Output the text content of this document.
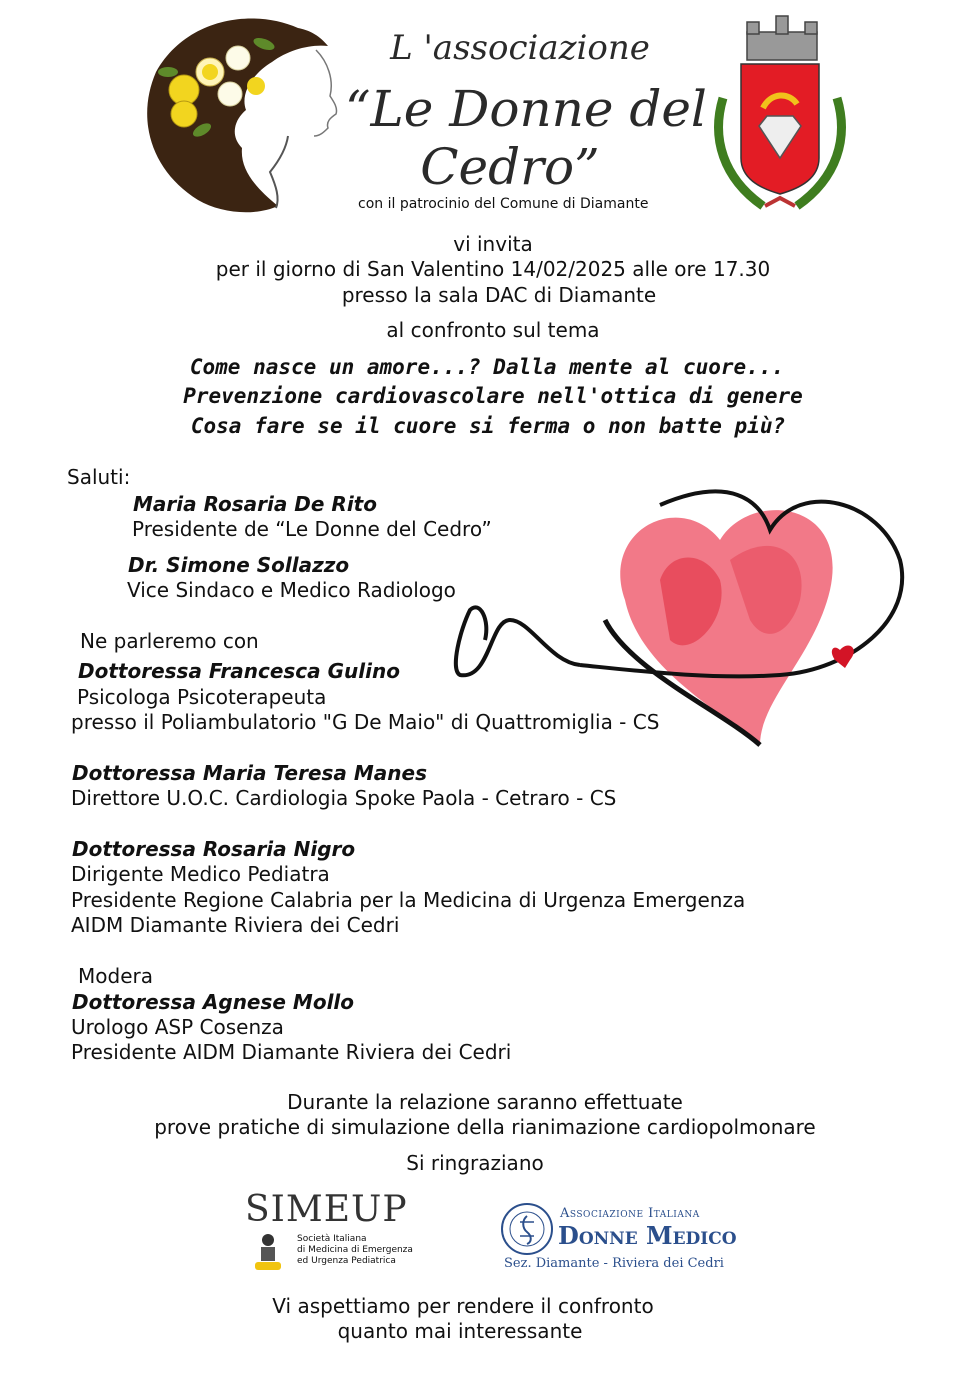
L 'associazione
“Le Donne del
Cedro”
con il patrocinio del Comune di Diamante
vi invita
per il giorno di San Valentino 14/02/2025 alle ore 17.30
presso la sala DAC di Diamante
al confronto sul tema
Come nasce un amore...? Dalla mente al cuore...
Prevenzione cardiovascolare nell'ottica di genere
Cosa fare se il cuore si ferma o non batte più?
Saluti:
Maria Rosaria De Rito
Presidente de “Le Donne del Cedro”
Dr. Simone Sollazzo
Vice Sindaco e Medico Radiologo
Ne parleremo con
Dottoressa Francesca Gulino
Psicologa Psicoterapeuta
presso il Poliambulatorio "G De Maio" di Quattromiglia - CS
Dottoressa Maria Teresa Manes
Direttore U.O.C. Cardiologia Spoke Paola - Cetraro - CS
Dottoressa Rosaria Nigro
Dirigente Medico Pediatra
Presidente Regione Calabria per la Medicina di Urgenza Emergenza
AIDM Diamante Riviera dei Cedri
Modera
Dottoressa Agnese Mollo
Urologo ASP Cosenza
Presidente AIDM Diamante Riviera dei Cedri
Durante la relazione saranno effettuate
prove pratiche di simulazione della rianimazione cardiopolmonare
Si ringraziano
SIMEUP
Società Italiana
di Medicina di Emergenza
ed Urgenza Pediatrica
Associazione Italiana
Donne Medico
Sez. Diamante - Riviera dei Cedri
Vi aspettiamo per rendere il confronto
quanto mai interessante
